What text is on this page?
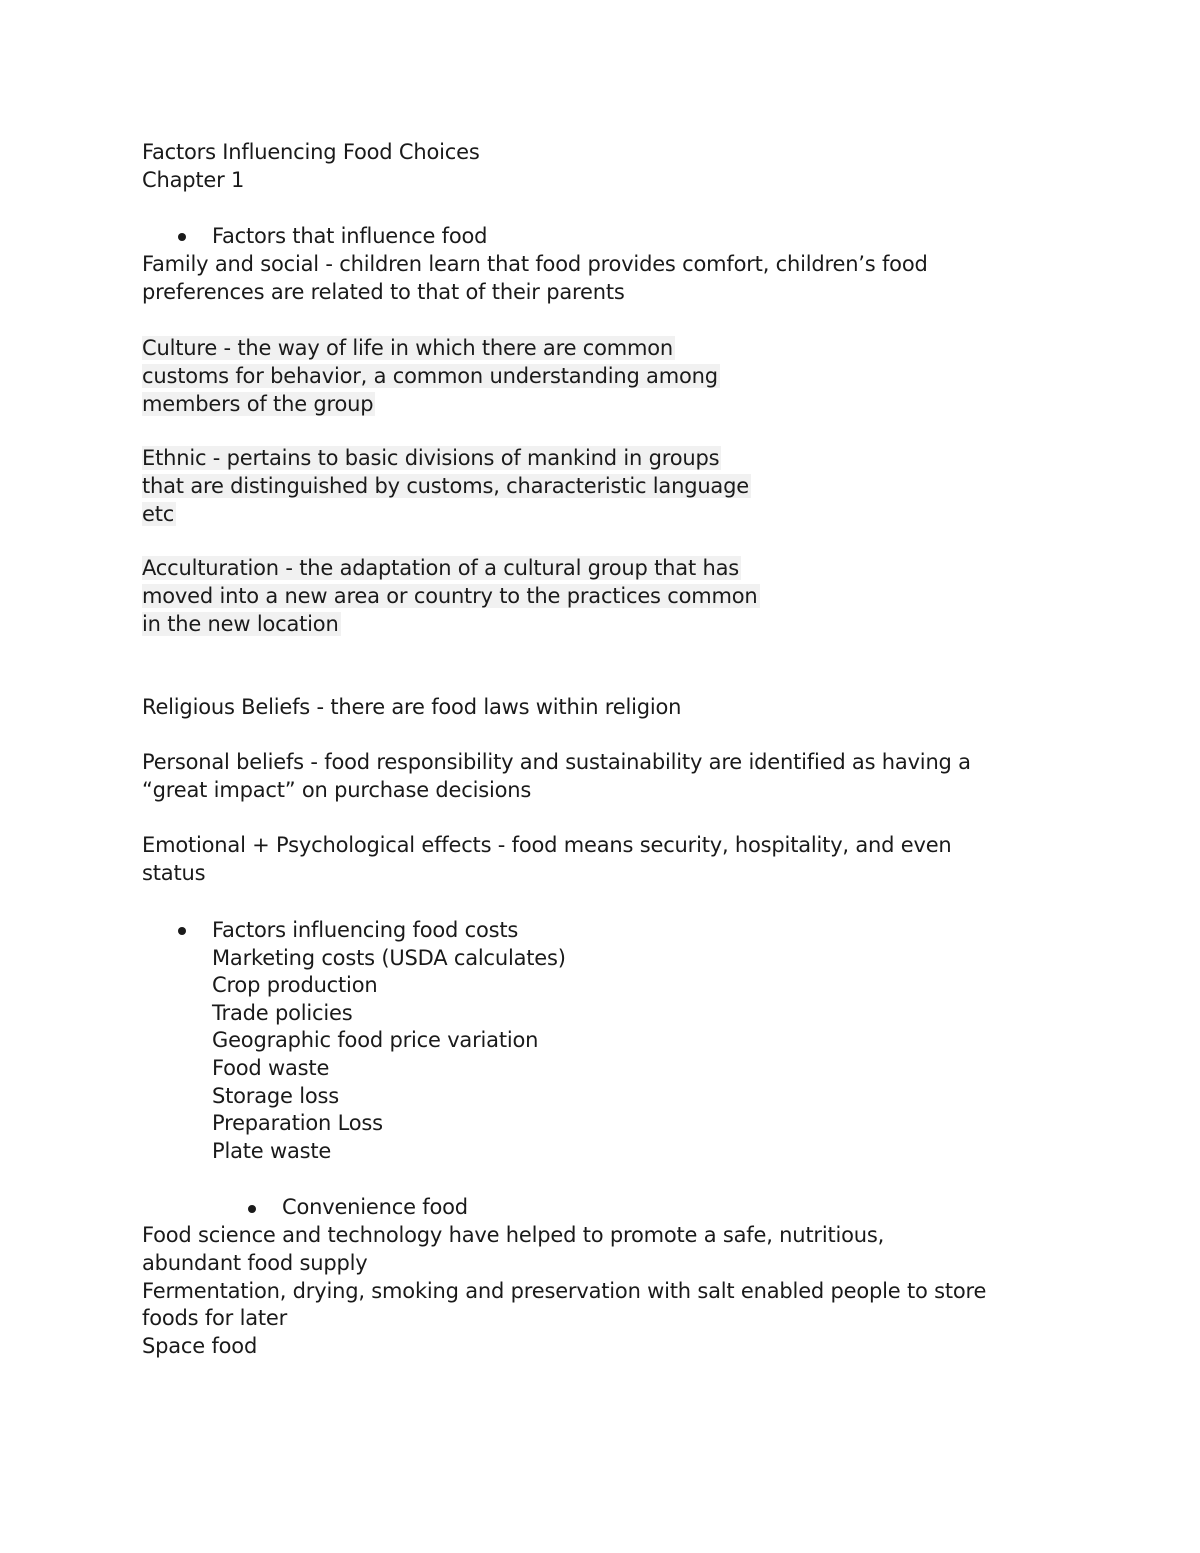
Factors Influencing Food Choices
Chapter 1
Factors that influence food
Family and social - children learn that food provides comfort, children’s food
preferences are related to that of their parents
Culture - the way of life in which there are common
customs for behavior, a common understanding among
members of the group
Ethnic - pertains to basic divisions of mankind in groups
that are distinguished by customs, characteristic language
etc
Acculturation - the adaptation of a cultural group that has
moved into a new area or country to the practices common
in the new location
Religious Beliefs - there are food laws within religion
Personal beliefs - food responsibility and sustainability are identified as having a
“great impact” on purchase decisions
Emotional + Psychological effects - food means security, hospitality, and even
status
Factors influencing food costs
Marketing costs (USDA calculates)
Crop production
Trade policies
Geographic food price variation
Food waste
Storage loss
Preparation Loss
Plate waste
Convenience food
Food science and technology have helped to promote a safe, nutritious,
abundant food supply
Fermentation, drying, smoking and preservation with salt enabled people to store
foods for later
Space food
